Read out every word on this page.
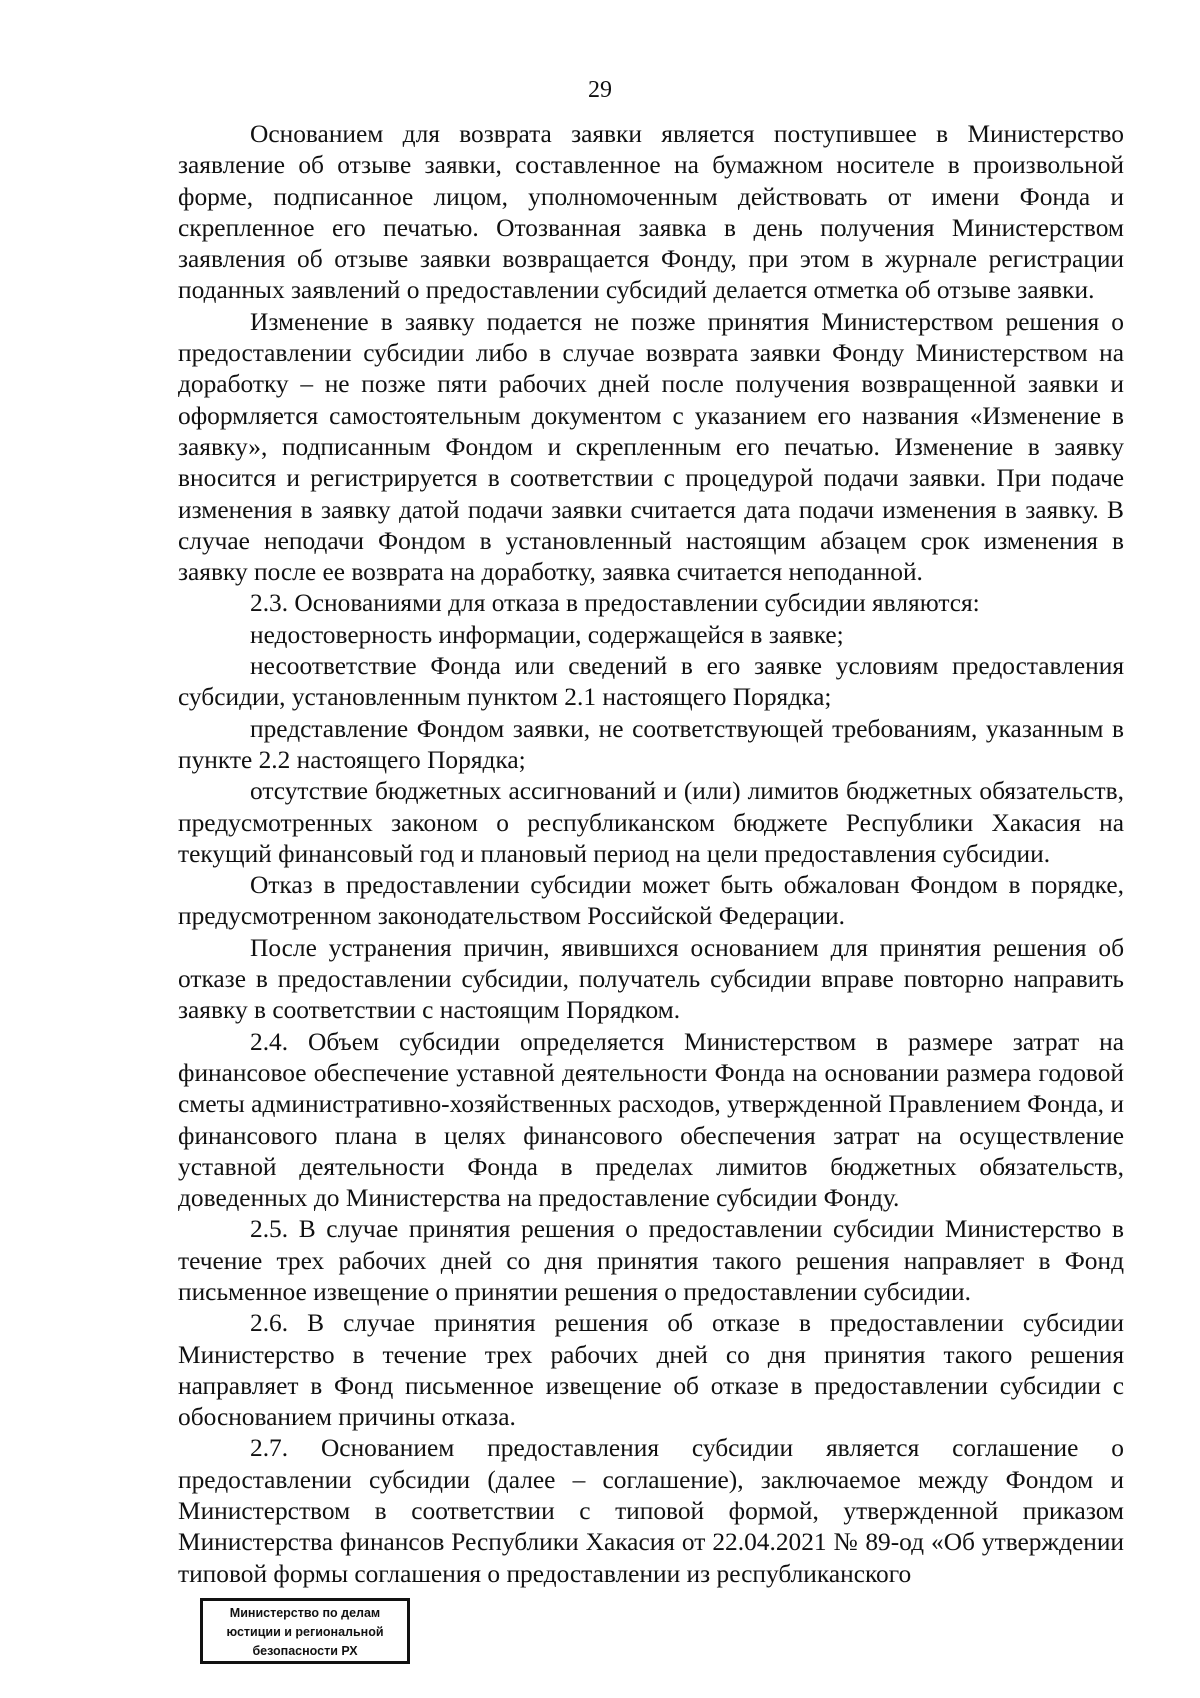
29

Основанием для возврата заявки является поступившее в Министерство заявление об отзыве заявки, составленное на бумажном носителе в произвольной форме, подписанное лицом, уполномоченным действовать от имени Фонда и скрепленное его печатью. Отозванная заявка в день получения Министерством заявления об отзыве заявки возвращается Фонду, при этом в журнале регистрации поданных заявлений о предоставлении субсидий делается отметка об отзыве заявки.

Изменение в заявку подается не позже принятия Министерством решения о предоставлении субсидии либо в случае возврата заявки Фонду Министерством на доработку – не позже пяти рабочих дней после получения возвращенной заявки и оформляется самостоятельным документом с указанием его названия «Изменение в заявку», подписанным Фондом и скрепленным его печатью. Изменение в заявку вносится и регистрируется в соответствии с процедурой подачи заявки. При подаче изменения в заявку датой подачи заявки считается дата подачи изменения в заявку. В случае неподачи Фондом в установленный настоящим абзацем срок изменения в заявку после ее возврата на доработку, заявка считается неподанной.

2.3. Основаниями для отказа в предоставлении субсидии являются:

недостоверность информации, содержащейся в заявке;

несоответствие Фонда или сведений в его заявке условиям предоставления субсидии, установленным пунктом 2.1 настоящего Порядка;

представление Фондом заявки, не соответствующей требованиям, указанным в пункте 2.2 настоящего Порядка;

отсутствие бюджетных ассигнований и (или) лимитов бюджетных обязательств, предусмотренных законом о республиканском бюджете Республики Хакасия на текущий финансовый год и плановый период на цели предоставления субсидии.

Отказ в предоставлении субсидии может быть обжалован Фондом в порядке, предусмотренном законодательством Российской Федерации.

После устранения причин, явившихся основанием для принятия решения об отказе в предоставлении субсидии, получатель субсидии вправе повторно направить заявку в соответствии с настоящим Порядком.

2.4. Объем субсидии определяется Министерством в размере затрат на финансовое обеспечение уставной деятельности Фонда на основании размера годовой сметы административно-хозяйственных расходов, утвержденной Правлением Фонда, и финансового плана в целях финансового обеспечения затрат на осуществление уставной деятельности Фонда в пределах лимитов бюджетных обязательств, доведенных до Министерства на предоставление субсидии Фонду.

2.5. В случае принятия решения о предоставлении субсидии Министерство в течение трех рабочих дней со дня принятия такого решения направляет в Фонд письменное извещение о принятии решения о предоставлении субсидии.

2.6. В случае принятия решения об отказе в предоставлении субсидии Министерство в течение трех рабочих дней со дня принятия такого решения направляет в Фонд письменное извещение об отказе в предоставлении субсидии с обоснованием причины отказа.

2.7. Основанием предоставления субсидии является соглашение о предоставлении субсидии (далее – соглашение), заключаемое между Фондом и Министерством в соответствии с типовой формой, утвержденной приказом Министерства финансов Республики Хакасия от 22.04.2021 № 89-од «Об утверждении типовой формы соглашения о предоставлении из республиканского

Министерство по делам
юстиции и региональной
безопасности РХ
